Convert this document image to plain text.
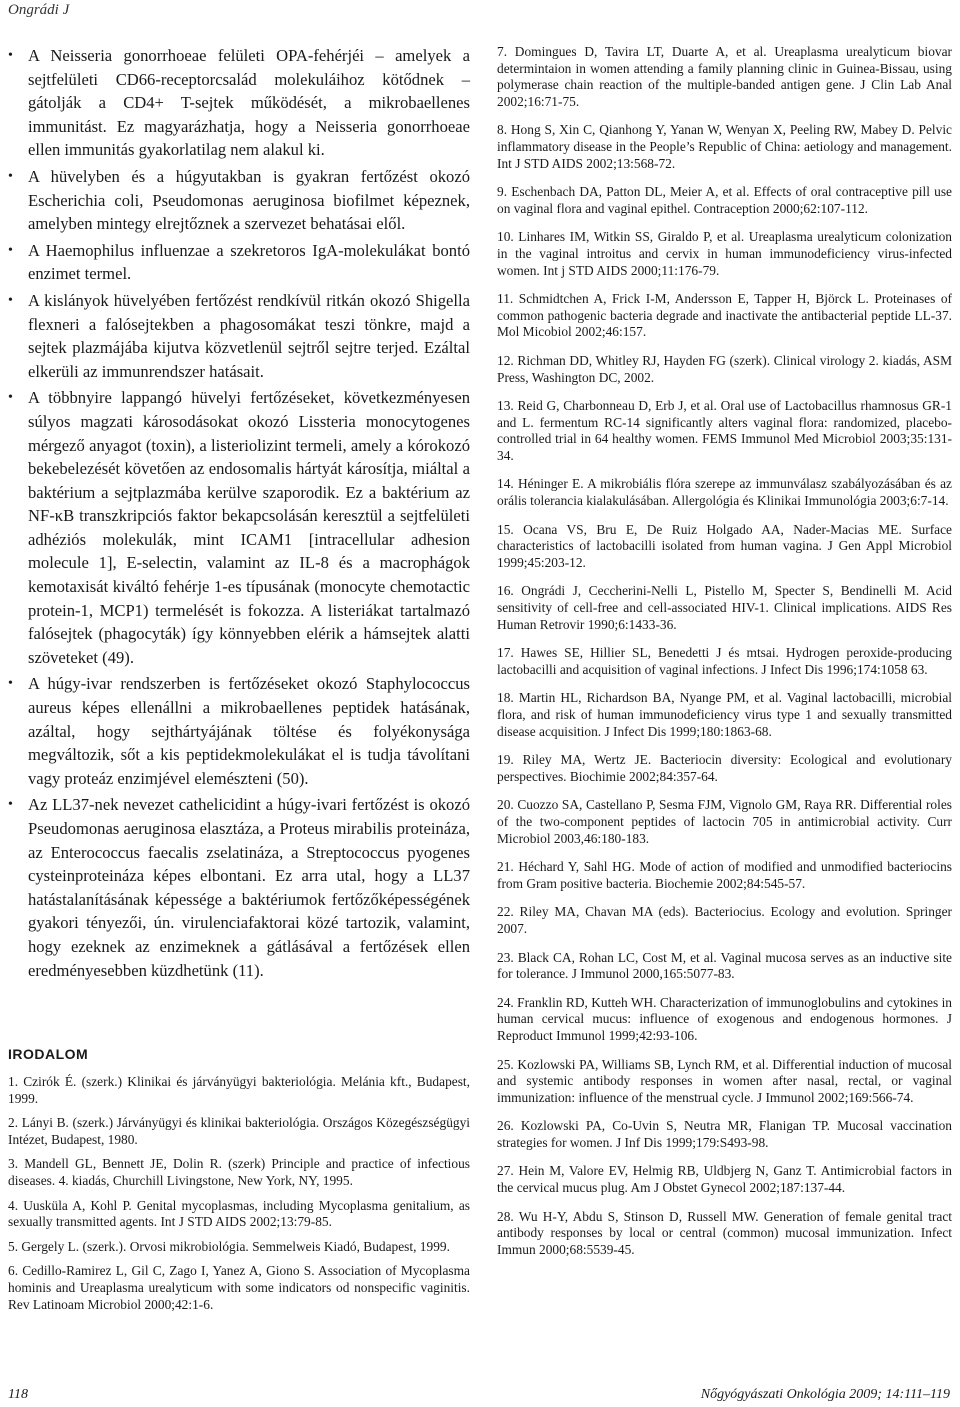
Ongrádi J
• A Neisseria gonorrhoeae felületi OPA-fehérjéi – amelyek a sejtfelületi CD66-receptorcsalád molekuláihoz kötődnek – gátolják a CD4+ T-sejtek működését, a mikrobaellenes immunitást. Ez magyarázhatja, hogy a Neisseria gonorrhoeae ellen immunitás gyakorlatilag nem alakul ki.
• A hüvelyben és a húgyutakban is gyakran fertőzést okozó Escherichia coli, Pseudomonas aeruginosa biofilmet képeznek, amelyben mintegy elrejtőznek a szervezet behatásai elől.
• A Haemophilus influenzae a szekretoros IgA-molekulákat bontó enzimet termel.
• A kislányok hüvelyében fertőzést rendkívül ritkán okozó Shigella flexneri a falósejtekben a phagosomákat teszi tönkre, majd a sejtek plazmájába kijutva közvetlenül sejtről sejtre terjed. Ezáltal elkerüli az immunrendszer hatásait.
• A többnyire lappangó hüvelyi fertőzéseket, következményesen súlyos magzati károsodásokat okozó Lissteria monocytogenes mérgező anyagot (toxin), a listeriolizint termeli, amely a kórokozó bekebelezését követően az endosomalis hártyát károsítja, miáltal a baktérium a sejtplazmába kerülve szaporodik. Ez a baktérium az NF-κB transzkripciós faktor bekapcsolásán keresztül a sejtfelületi adhéziós molekulák, mint ICAM1 [intracellular adhesion molecule 1], E-selectin, valamint az IL-8 és a macrophágok kemotaxisát kiváltó fehérje 1-es típusának (monocyte chemotactic protein-1, MCP1) termelését is fokozza. A listeriákat tartalmazó falósejtek (phagocyták) így könnyebben elérik a hámsejtek alatti szöveteket (49).
• A húgy-ivar rendszerben is fertőzéseket okozó Staphylococcus aureus képes ellenállni a mikrobaellenes peptidek hatásának, azáltal, hogy sejthártyájának töltése és folyékonysága megváltozik, sőt a kis peptidekmolekulákat el is tudja távolítani vagy proteáz enzimjével elemészteni (50).
• Az LL37-nek nevezet cathelicidint a húgy-ivari fertőzést is okozó Pseudomonas aeruginosa elasztáza, a Proteus mirabilis proteináza, az Enterococcus faecalis zselatináza, a Streptococcus pyogenes cysteinproteináza képes elbontani. Ez arra utal, hogy a LL37 hatástalanításának képessége a baktériumok fertőzőképességének gyakori tényezői, ún. virulenciafaktorai közé tartozik, valamint, hogy ezeknek az enzimeknek a gátlásával a fertőzések ellen eredményesebben küzdhetünk (11).
IRODALOM

1. Czirók É. (szerk.) Klinikai és járványügyi bakteriológia. Melánia kft., Budapest, 1999.

2. Lányi B. (szerk.) Járványügyi és klinikai bakteriológia. Országos Közegészségügyi Intézet, Budapest, 1980.

3. Mandell GL, Bennett JE, Dolin R. (szerk) Principle and practice of infectious diseases. 4. kiadás, Churchill Livingstone, New York, NY, 1995.

4. Uusküla A, Kohl P. Genital mycoplasmas, including Mycoplasma genitalium, as sexually transmitted agents. Int J STD AIDS 2002;13:79-85.

5. Gergely L. (szerk.). Orvosi mikrobiológia. Semmelweis Kiadó, Budapest, 1999.

6. Cedillo-Ramirez L, Gil C, Zago I, Yanez A, Giono S. Association of Mycoplasma hominis and Ureaplasma urealyticum with some indicators od nonspecific vaginitis. Rev Latinoam Microbiol 2000;42:1-6.

7. Domingues D, Tavira LT, Duarte A, et al. Ureaplasma urealyticum biovar determintaion in women attending a family planning clinic in Guinea-Bissau, using polymerase chain reaction of the multiple-banded antigen gene. J Clin Lab Anal 2002;16:71-75.

8. Hong S, Xin C, Qianhong Y, Yanan W, Wenyan X, Peeling RW, Mabey D. Pelvic inflammatory disease in the People’s Republic of China: aetiology and management. Int J STD AIDS 2002;13:568-72.

9. Eschenbach DA, Patton DL, Meier A, et al. Effects of oral contraceptive pill use on vaginal flora and vaginal epithel. Contraception 2000;62:107-112.

10. Linhares IM, Witkin SS, Giraldo P, et al. Ureaplasma urealyticum colonization in the vaginal introitus and cervix in human immunodeficiency virus-infected women. Int j STD AIDS 2000;11:176-79.

11. Schmidtchen A, Frick I-M, Andersson E, Tapper H, Björck L. Proteinases of common pathogenic bacteria degrade and inactivate the antibacterial peptide LL-37. Mol Micobiol 2002;46:157.

12. Richman DD, Whitley RJ, Hayden FG (szerk). Clinical virology 2. kiadás, ASM Press, Washington DC, 2002.

13. Reid G, Charbonneau D, Erb J, et al. Oral use of Lactobacillus rhamnosus GR-1 and L. fermentum RC-14 significantly alters vaginal flora: randomized, placebo-controlled trial in 64 healthy women. FEMS Immunol Med Microbiol 2003;35:131-34.

14. Héninger E. A mikrobiális flóra szerepe az immunválasz szabályozásában és az orális tolerancia kialakulásában. Allergológia és Klinikai Immunológia 2003;6:7-14.

15. Ocana VS, Bru E, De Ruiz Holgado AA, Nader-Macias ME. Surface characteristics of lactobacilli isolated from human vagina. J Gen Appl Microbiol 1999;45:203-12.

16. Ongrádi J, Ceccherini-Nelli L, Pistello M, Specter S, Bendinelli M. Acid sensitivity of cell-free and cell-associated HIV-1. Clinical implications. AIDS Res Human Retrovir 1990;6:1433-36.

17. Hawes SE, Hillier SL, Benedetti J és mtsai. Hydrogen peroxide-producing lactobacilli and acquisition of vaginal infections. J Infect Dis 1996;174:1058 63.

18. Martin HL, Richardson BA, Nyange PM, et al. Vaginal lactobacilli, microbial flora, and risk of human immunodeficiency virus type 1 and sexually transmitted disease acquisition. J Infect Dis 1999;180:1863-68.

19. Riley MA, Wertz JE. Bacteriocin diversity: Ecological and evolutionary perspectives. Biochimie 2002;84:357-64.

20. Cuozzo SA, Castellano P, Sesma FJM, Vignolo GM, Raya RR. Differential roles of the two-component peptides of lactocin 705 in antimicrobial activity. Curr Microbiol 2003,46:180-183.

21. Héchard Y, Sahl HG. Mode of action of modified and unmodified bacteriocins from Gram positive bacteria. Biochemie 2002;84:545-57.

22. Riley MA, Chavan MA (eds). Bacteriocius. Ecology and evolution. Springer 2007.

23. Black CA, Rohan LC, Cost M, et al. Vaginal mucosa serves as an inductive site for tolerance. J Immunol 2000,165:5077-83.

24. Franklin RD, Kutteh WH. Characterization of immunoglobulins and cytokines in human cervical mucus: influence of exogenous and endogenous hormones. J Reproduct Immunol 1999;42:93-106.

25. Kozlowski PA, Williams SB, Lynch RM, et al. Differential induction of mucosal and systemic antibody responses in women after nasal, rectal, or vaginal immunization: influence of the menstrual cycle. J Immunol 2002;169:566-74.

26. Kozlowski PA, Co-Uvin S, Neutra MR, Flanigan TP. Mucosal vaccination strategies for women. J Inf Dis 1999;179:S493-98.

27. Hein M, Valore EV, Helmig RB, Uldbjerg N, Ganz T. Antimicrobial factors in the cervical mucus plug. Am J Obstet Gynecol 2002;187:137-44.

28. Wu H-Y, Abdu S, Stinson D, Russell MW. Generation of female genital tract antibody responses by local or central (common) mucosal immunization. Infect Immun 2000;68:5539-45.

118	Nőgyógyászati Onkológia 2009; 14:111–119
